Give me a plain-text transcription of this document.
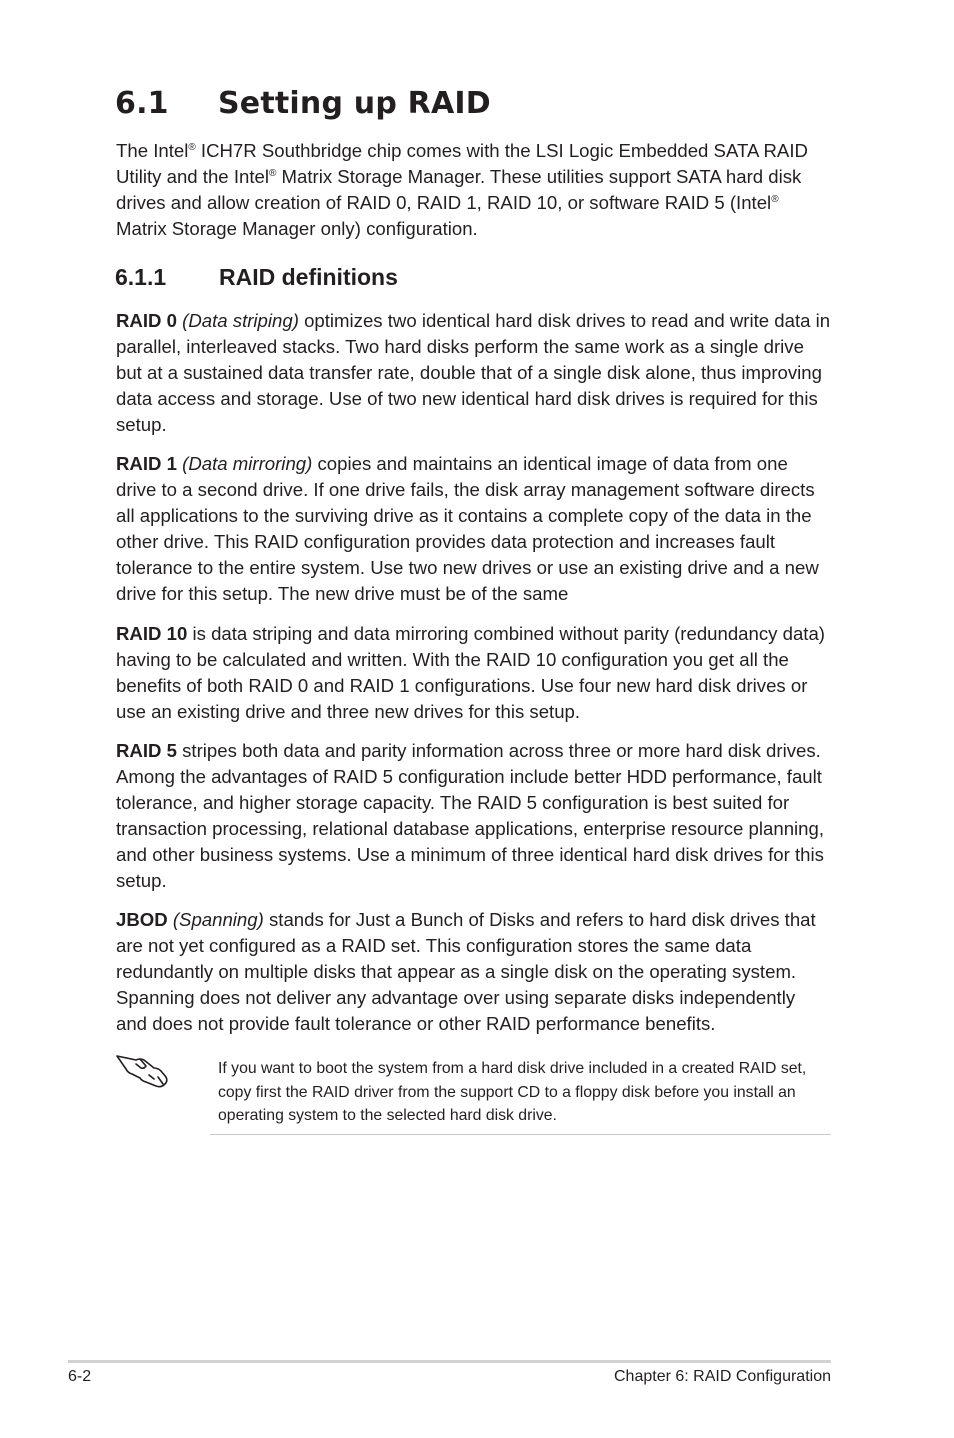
6.1 Setting up RAID

The Intel® ICH7R Southbridge chip comes with the LSI Logic Embedded SATA RAID Utility and the Intel® Matrix Storage Manager. These utilities support SATA hard disk drives and allow creation of RAID 0, RAID 1, RAID 10, or software RAID 5 (Intel® Matrix Storage Manager only) configuration.

6.1.1 RAID definitions

RAID 0 (Data striping) optimizes two identical hard disk drives to read and write data in parallel, interleaved stacks. Two hard disks perform the same work as a single drive but at a sustained data transfer rate, double that of a single disk alone, thus improving data access and storage. Use of two new identical hard disk drives is required for this setup.

RAID 1 (Data mirroring) copies and maintains an identical image of data from one drive to a second drive. If one drive fails, the disk array management software directs all applications to the surviving drive as it contains a complete copy of the data in the other drive. This RAID configuration provides data protection and increases fault tolerance to the entire system. Use two new drives or use an existing drive and a new drive for this setup. The new drive must be of the same

RAID 10 is data striping and data mirroring combined without parity (redundancy data) having to be calculated and written. With the RAID 10 configuration you get all the benefits of both RAID 0 and RAID 1 configurations. Use four new hard disk drives or use an existing drive and three new drives for this setup.

RAID 5 stripes both data and parity information across three or more hard disk drives. Among the advantages of RAID 5 configuration include better HDD performance, fault tolerance, and higher storage capacity. The RAID 5 configuration is best suited for transaction processing, relational database applications, enterprise resource planning, and other business systems. Use a minimum of three identical hard disk drives for this setup.

JBOD (Spanning) stands for Just a Bunch of Disks and refers to hard disk drives that are not yet configured as a RAID set. This configuration stores the same data redundantly on multiple disks that appear as a single disk on the operating system. Spanning does not deliver any advantage over using separate disks independently and does not provide fault tolerance or other RAID performance benefits.

If you want to boot the system from a hard disk drive included in a created RAID set, copy first the RAID driver from the support CD to a floppy disk before you install an operating system to the selected hard disk drive.

6-2	Chapter 6: RAID Configuration
